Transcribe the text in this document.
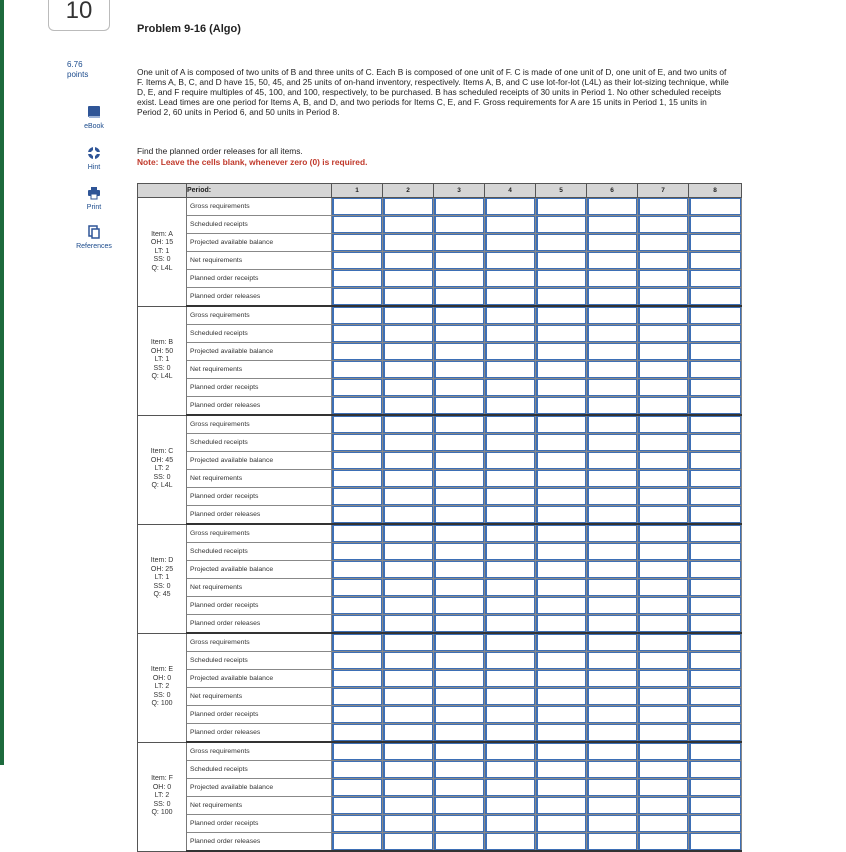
10
6.76
points
eBook
Hint
Print
References
Problem 9-16 (Algo)
One unit of A is composed of two units of B and three units of C. Each B is composed of one unit of F. C is made of one unit of D, one unit of E, and two units of F. Items A, B, C, and D have 15, 50, 45, and 25 units of on-hand inventory, respectively. Items A, B, and C use lot-for-lot (L4L) as their lot-sizing technique, while D, E, and F require multiples of 45, 100, and 100, respectively, to be purchased. B has scheduled receipts of 30 units in Period 1. No other scheduled receipts exist. Lead times are one period for Items A, B, and D, and two periods for Items C, E, and F. Gross requirements for A are 15 units in Period 1, 15 units in Period 2, 60 units in Period 6, and 50 units in Period 8.
Find the planned order releases for all items.
Note: Leave the cells blank, whenever zero (0) is required.
	Period:	1	2	3	4	5	6	7	8

Item: A
OH: 15
LT: 1
SS: 0
Q: L4L	Gross requirements	

	Scheduled receipts	

	Projected available balance	

	Net requirements	

	Planned order receipts	

	Planned order releases	

Item: B
OH: 50
LT: 1
SS: 0
Q: L4L	Gross requirements	

	Scheduled receipts	

	Projected available balance	

	Net requirements	

	Planned order receipts	

	Planned order releases	

Item: C
OH: 45
LT: 2
SS: 0
Q: L4L	Gross requirements	

	Scheduled receipts	

	Projected available balance	

	Net requirements	

	Planned order receipts	

	Planned order releases	

Item: D
OH: 25
LT: 1
SS: 0
Q: 45	Gross requirements	

	Scheduled receipts	

	Projected available balance	

	Net requirements	

	Planned order receipts	

	Planned order releases	

Item: E
OH: 0
LT: 2
SS: 0
Q: 100	Gross requirements	

	Scheduled receipts	

	Projected available balance	

	Net requirements	

	Planned order receipts	

	Planned order releases	

Item: F
OH: 0
LT: 2
SS: 0
Q: 100	Gross requirements	

	Scheduled receipts	

	Projected available balance	

	Net requirements	

	Planned order receipts	

	Planned order releases	
